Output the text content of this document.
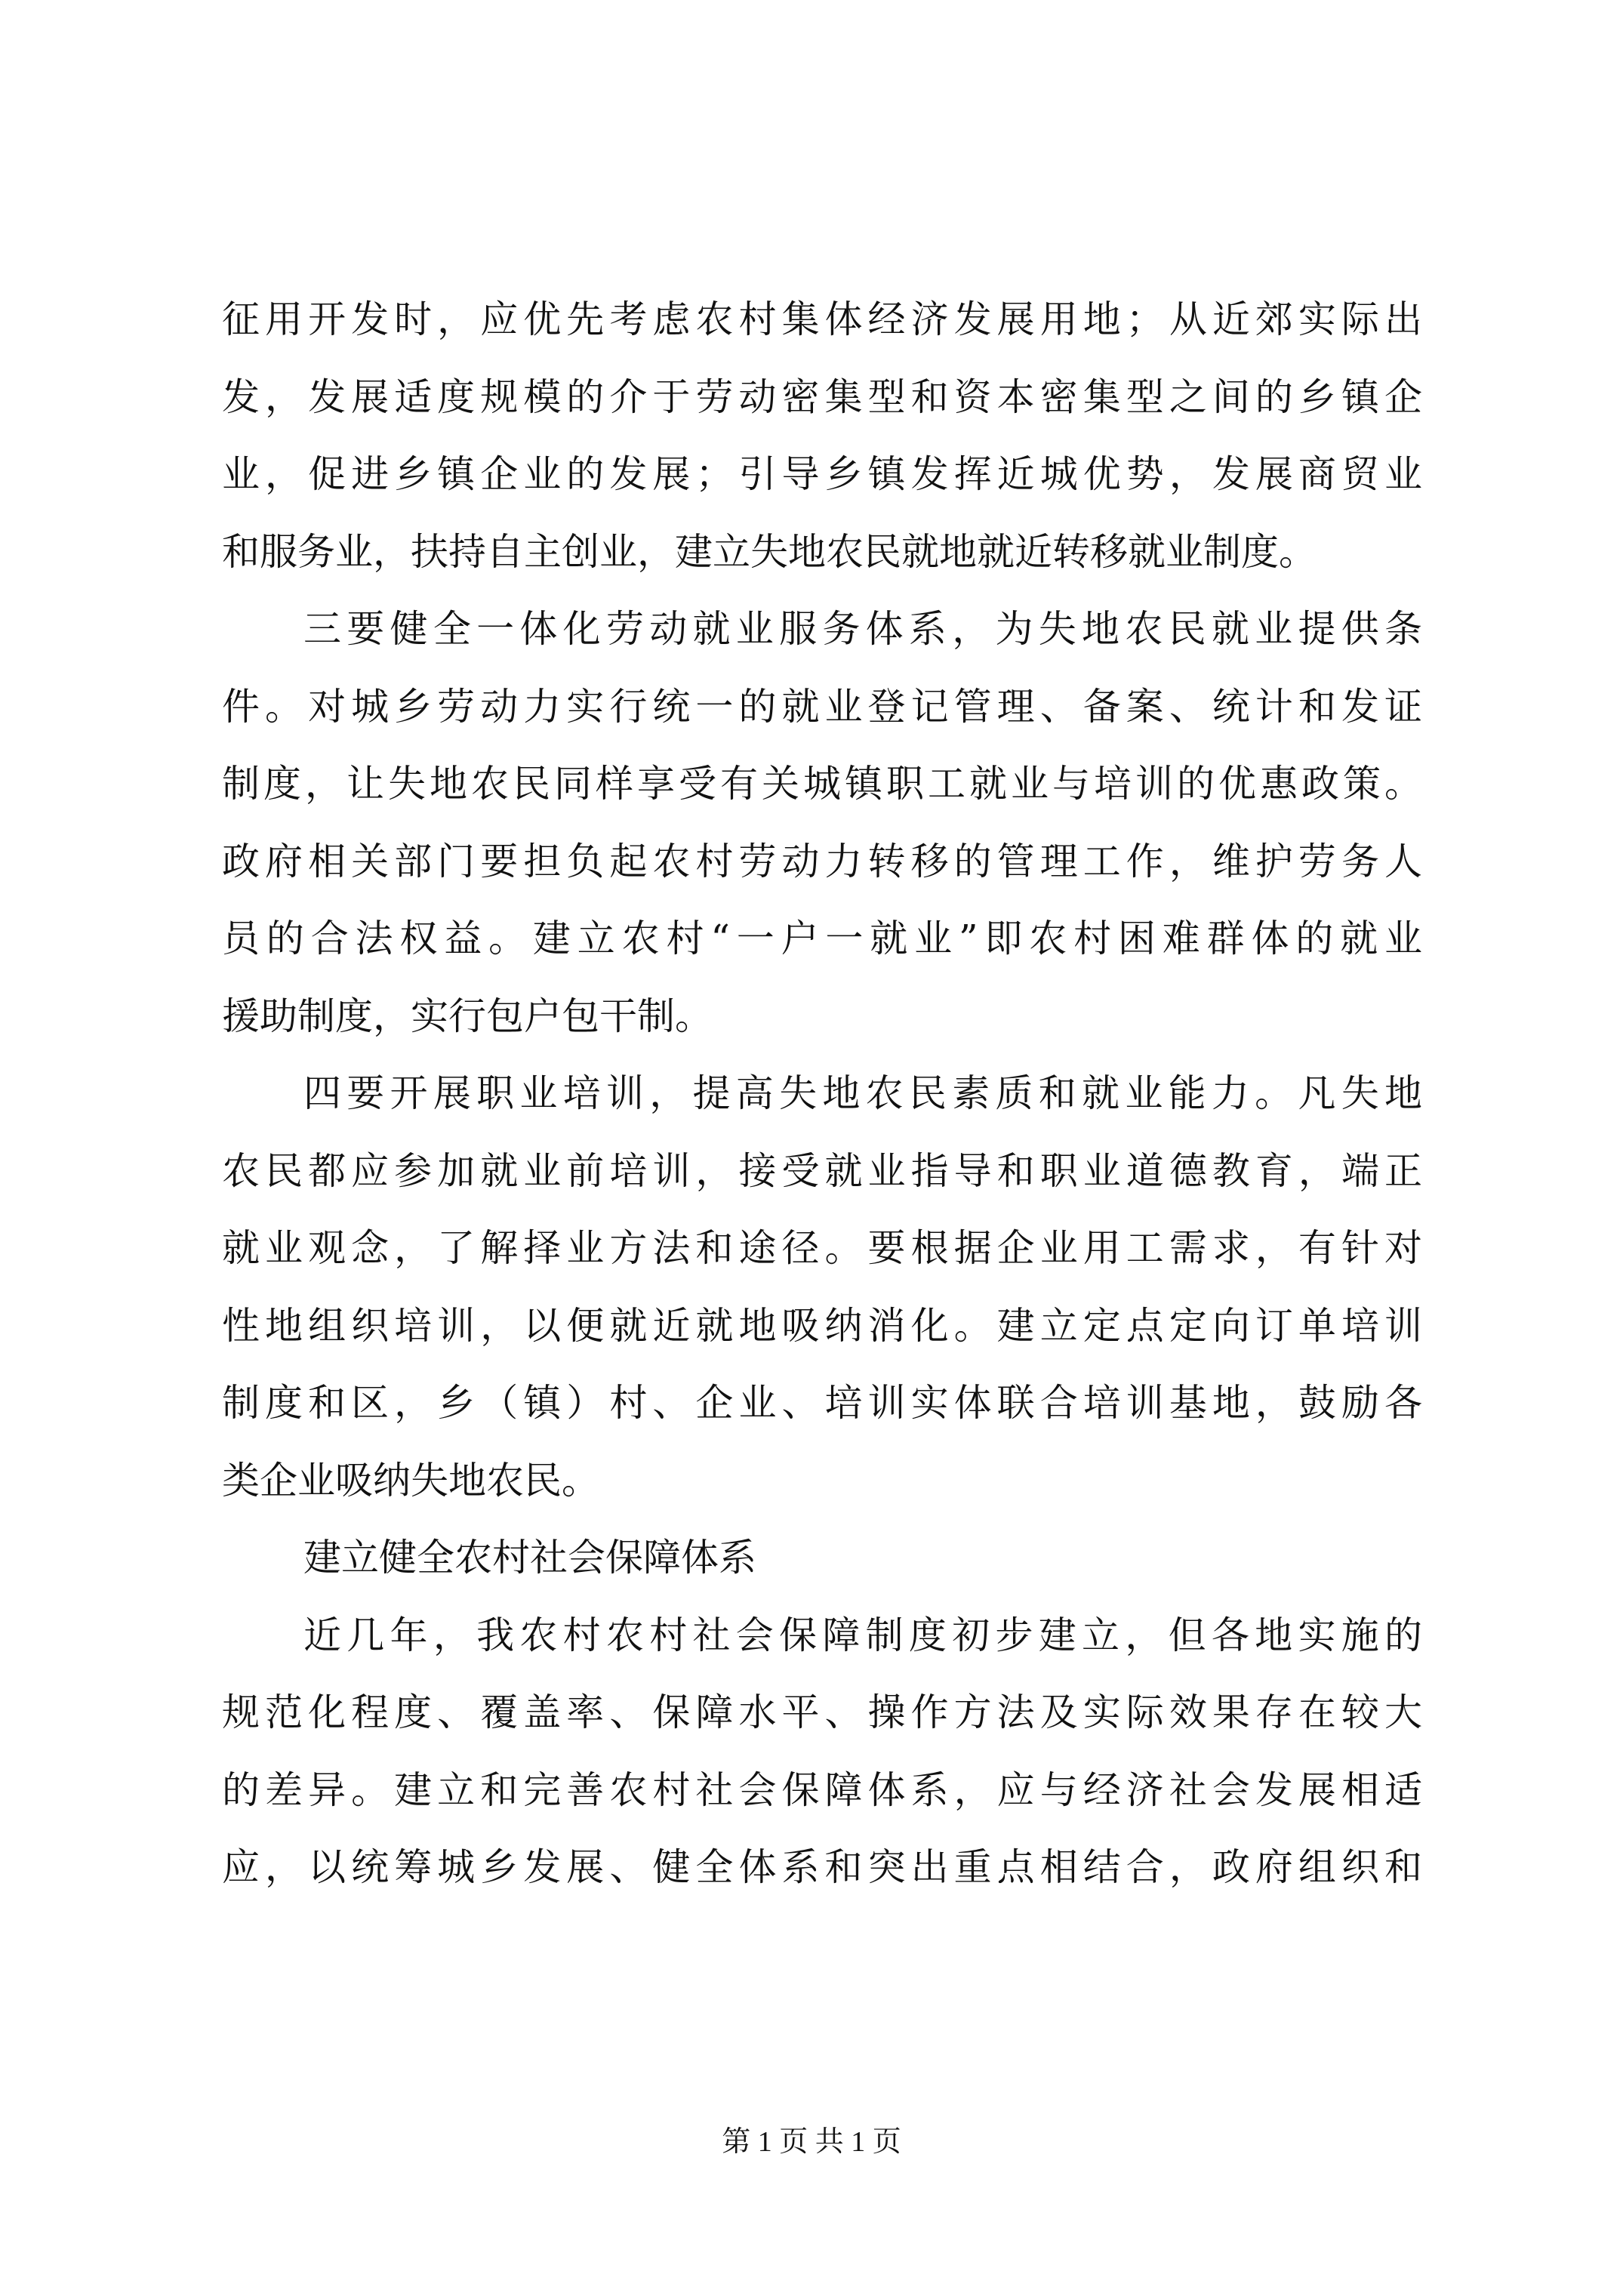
征用开发时，应优先考虑农村集体经济发展用地；从近郊实际出
发，发展适度规模的介于劳动密集型和资本密集型之间的乡镇企
业，促进乡镇企业的发展；引导乡镇发挥近城优势，发展商贸业
和服务业，扶持自主创业，建立失地农民就地就近转移就业制度。
三要健全一体化劳动就业服务体系，为失地农民就业提供条
件。对城乡劳动力实行统一的就业登记管理、备案、统计和发证
制度，让失地农民同样享受有关城镇职工就业与培训的优惠政策。
政府相关部门要担负起农村劳动力转移的管理工作，维护劳务人
员的合法权益。建立农村“一户一就业”即农村困难群体的就业
援助制度，实行包户包干制。
四要开展职业培训，提高失地农民素质和就业能力。凡失地
农民都应参加就业前培训，接受就业指导和职业道德教育，端正
就业观念，了解择业方法和途径。要根据企业用工需求，有针对
性地组织培训，以便就近就地吸纳消化。建立定点定向订单培训
制度和区，乡（镇）村、企业、培训实体联合培训基地，鼓励各
类企业吸纳失地农民。
建立健全农村社会保障体系
近几年，我农村农村社会保障制度初步建立，但各地实施的
规范化程度、覆盖率、保障水平、操作方法及实际效果存在较大
的差异。建立和完善农村社会保障体系，应与经济社会发展相适
应，以统筹城乡发展、健全体系和突出重点相结合，政府组织和
第 1 页 共 1 页
